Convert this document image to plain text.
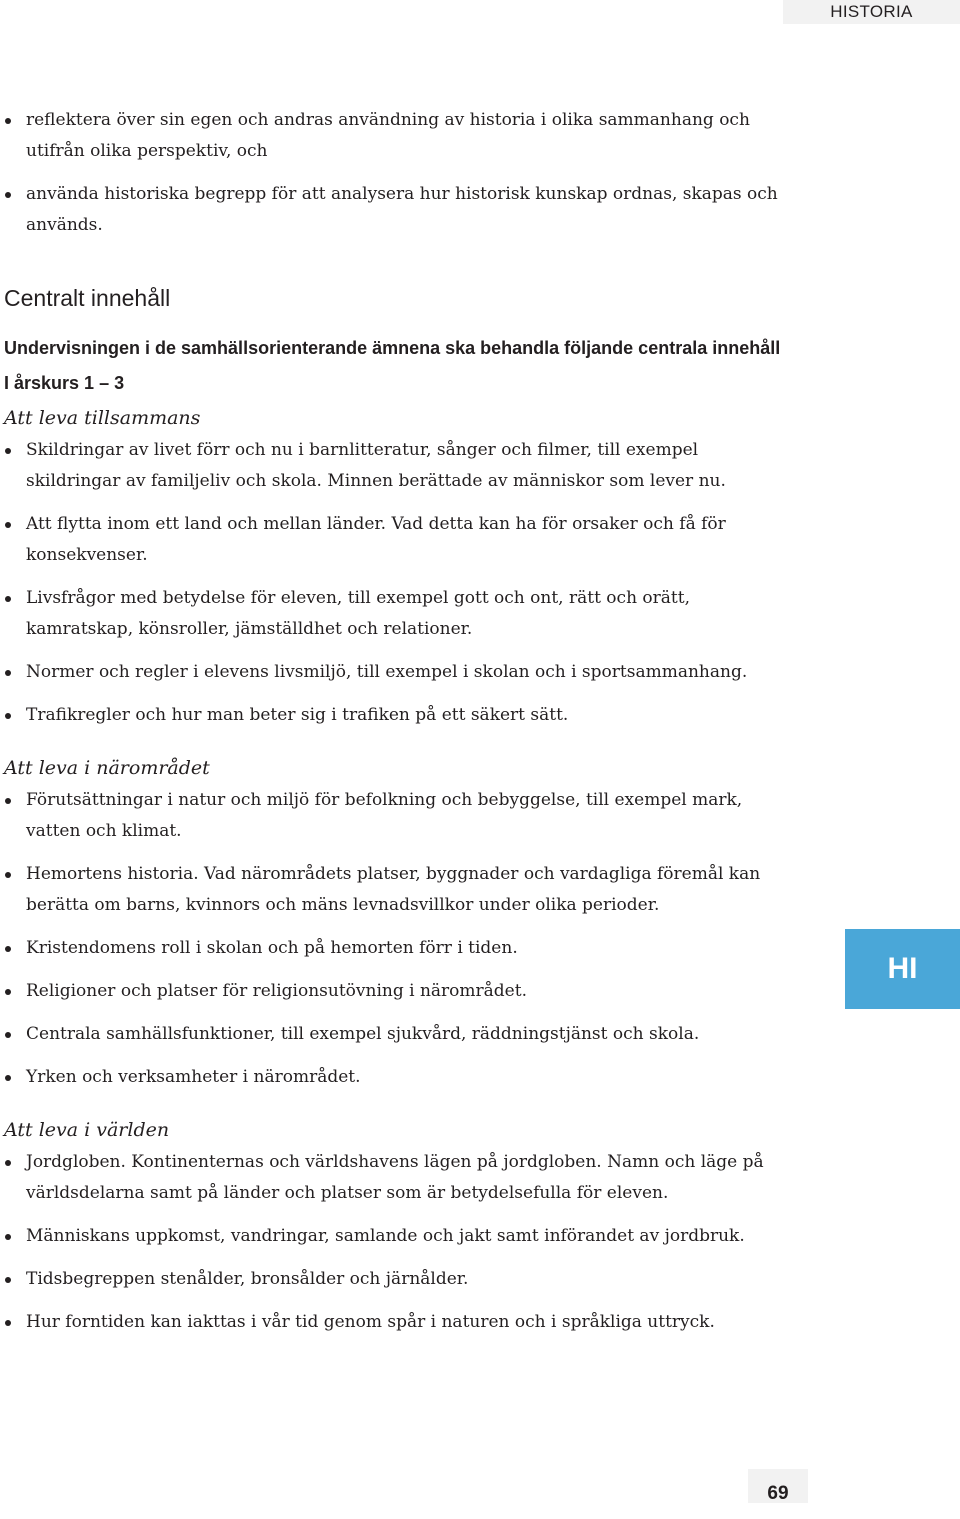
HISTORIA
reflektera över sin egen och andras användning av historia i olika sammanhang och utifrån olika perspektiv, och
använda historiska begrepp för att analysera hur historisk kunskap ordnas, skapas och används.
Centralt innehåll

Undervisningen i de samhällsorienterande ämnena ska behandla följande centrala innehåll

I årskurs 1 – 3

Att leva tillsammans
Skildringar av livet förr och nu i barnlitteratur, sånger och filmer, till exempel skildringar av familjeliv och skola. Minnen berättade av människor som lever nu.
Att flytta inom ett land och mellan länder. Vad detta kan ha för orsaker och få för konsekvenser.
Livsfrågor med betydelse för eleven, till exempel gott och ont, rätt och orätt, kamratskap, könsroller, jämställdhet och relationer.
Normer och regler i elevens livsmiljö, till exempel i skolan och i sportsammanhang.
Trafikregler och hur man beter sig i trafiken på ett säkert sätt.
Att leva i närområdet
Förutsättningar i natur och miljö för befolkning och bebyggelse, till exempel mark, vatten och klimat.
Hemortens historia. Vad närområdets platser, byggnader och vardagliga föremål kan berätta om barns, kvinnors och mäns levnadsvillkor under olika perioder.
Kristendomens roll i skolan och på hemorten förr i tiden.
Religioner och platser för religionsutövning i närområdet.
Centrala samhällsfunktioner, till exempel sjukvård, räddningstjänst och skola.
Yrken och verksamheter i närområdet.
Att leva i världen
Jordgloben. Kontinenternas och världshavens lägen på jordgloben. Namn och läge på världsdelarna samt på länder och platser som är betydelsefulla för eleven.
Människans uppkomst, vandringar, samlande och jakt samt införandet av jordbruk.
Tidsbegreppen stenålder, bronsålder och järnålder.
Hur forntiden kan iakttas i vår tid genom spår i naturen och i språkliga uttryck.
HI
69
